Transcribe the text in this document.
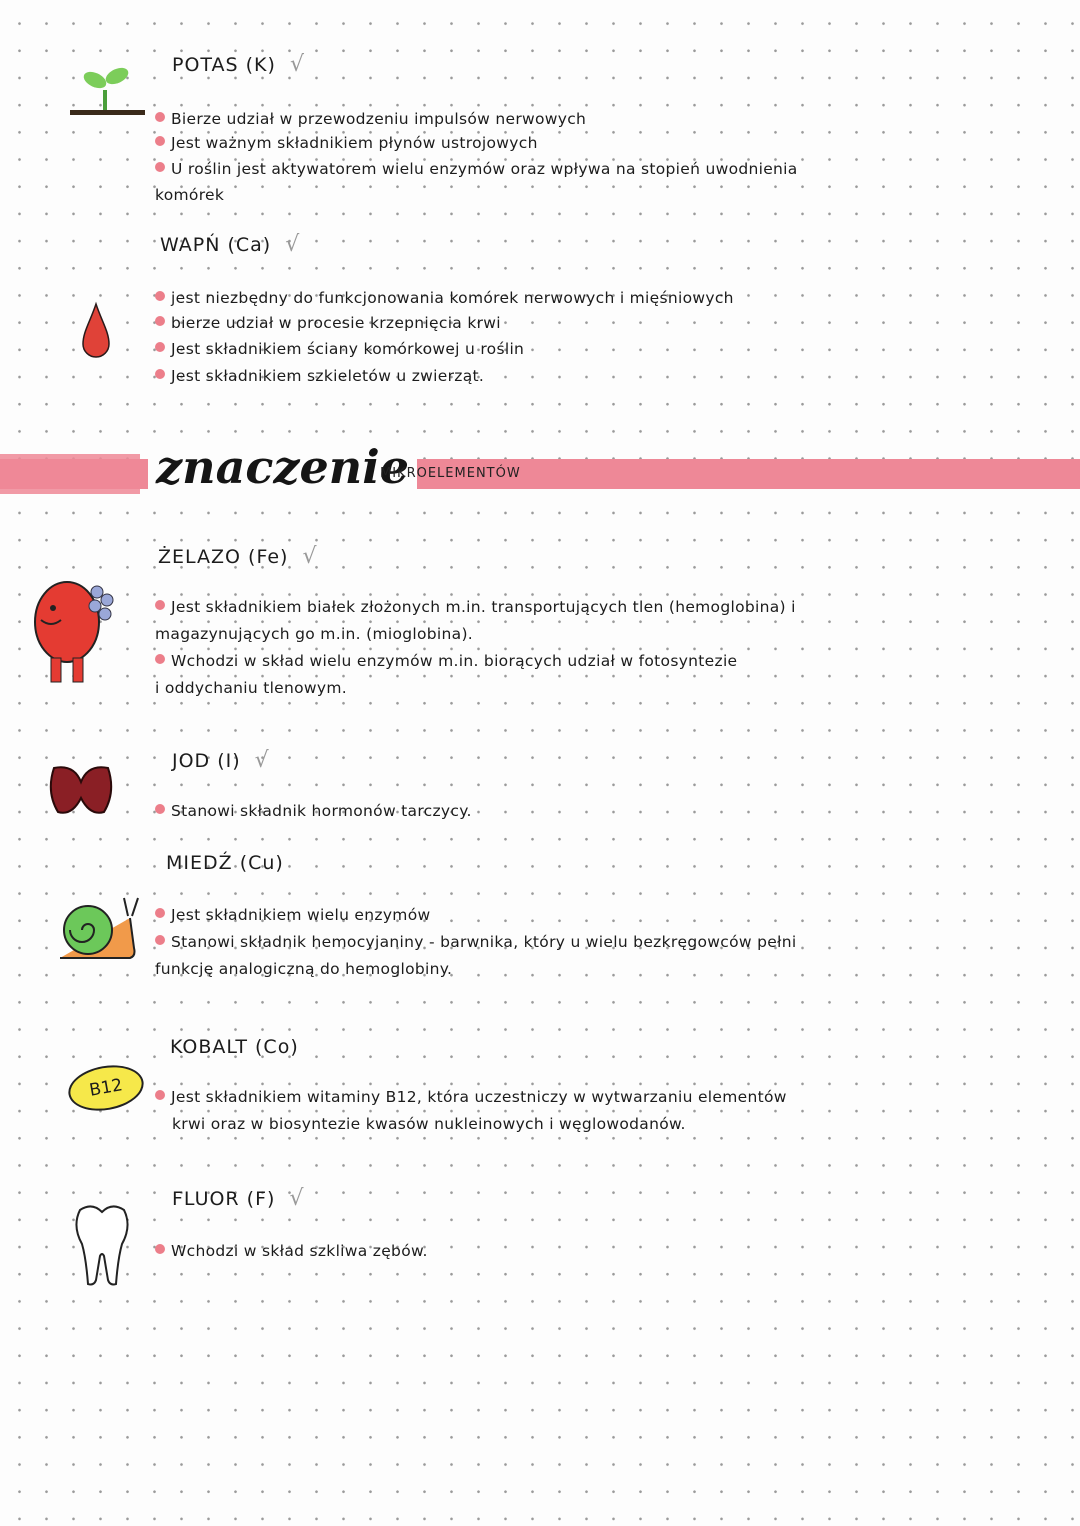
POTAS (K) √
Bierze udział w przewodzeniu impulsów nerwowych
Jest ważnym składnikiem płynów ustrojowych
U roślin jest aktywatorem wielu enzymów oraz wpływa na stopień uwodnienia
komórek
WAPŃ (Ca) √
jest niezbędny do funkcjonowania komórek nerwowych i mięśniowych
bierze udział w procesie krzepnięcia krwi
Jest składnikiem ściany komórkowej u roślin
Jest składnikiem szkieletów u zwierząt.
znaczenie
MIKROELEMENTÓW
ŻELAZO (Fe) √
Jest składnikiem białek złożonych m.in. transportujących tlen (hemoglobina) i
magazynujących go m.in. (mioglobina).
Wchodzi w skład wielu enzymów m.in. biorących udział w fotosyntezie
i oddychaniu tlenowym.
JOD (I) √
Stanowi składnik hormonów tarczycy.
MIEDŹ (Cu)
Jest składnikiem wielu enzymów
Stanowi składnik hemocyjaniny - barwnika, który u wielu bezkręgowców pełni
funkcję analogiczną do hemoglobiny.
B12
KOBALT (Co)
Jest składnikiem witaminy B12, która uczestniczy w wytwarzaniu elementów
krwi oraz w biosyntezie kwasów nukleinowych i węglowodanów.
FLUOR (F) √
Wchodzi w skład szkliwa zębów.
